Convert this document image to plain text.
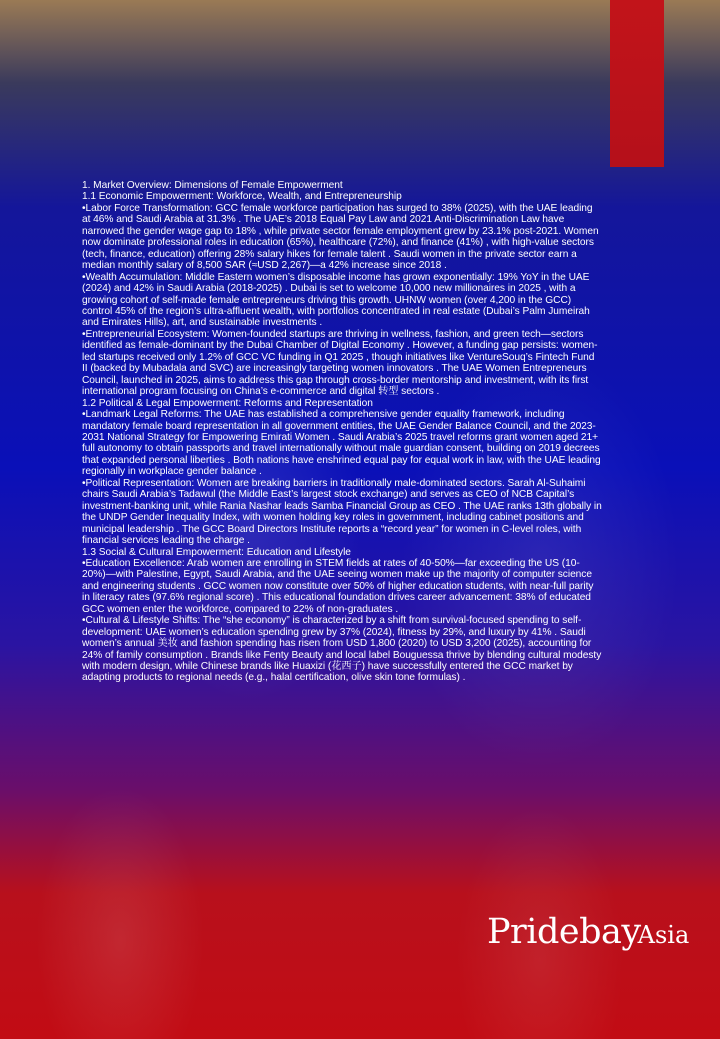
1. Market Overview: Dimensions of Female Empowerment

1.1 Economic Empowerment: Workforce, Wealth, and Entrepreneurship

•Labor Force Transformation: GCC female workforce participation has surged to 38% (2025), with the UAE leading at 46% and Saudi Arabia at 31.3% . The UAE’s 2018 Equal Pay Law and 2021 Anti-Discrimination Law have narrowed the gender wage gap to 18% , while private sector female employment grew by 23.1% post-2021. Women now dominate professional roles in education (65%), healthcare (72%), and finance (41%) , with high-value sectors (tech, finance, education) offering 28% salary hikes for female talent . Saudi women in the private sector earn a median monthly salary of 8,500 SAR (≈USD 2,267)—a 42% increase since 2018 .

•Wealth Accumulation: Middle Eastern women’s disposable income has grown exponentially: 19% YoY in the UAE (2024) and 42% in Saudi Arabia (2018-2025) . Dubai is set to welcome 10,000 new millionaires in 2025 , with a growing cohort of self-made female entrepreneurs driving this growth. UHNW women (over 4,200 in the GCC) control 45% of the region’s ultra-affluent wealth, with portfolios concentrated in real estate (Dubai’s Palm Jumeirah and Emirates Hills), art, and sustainable investments .

•Entrepreneurial Ecosystem: Women-founded startups are thriving in wellness, fashion, and green tech—sectors identified as female-dominant by the Dubai Chamber of Digital Economy . However, a funding gap persists: women-led startups received only 1.2% of GCC VC funding in Q1 2025 , though initiatives like VentureSouq’s Fintech Fund II (backed by Mubadala and SVC) are increasingly targeting women innovators . The UAE Women Entrepreneurs Council, launched in 2025, aims to address this gap through cross-border mentorship and investment, with its first international program focusing on China’s e-commerce and digital 转型 sectors .

1.2 Political & Legal Empowerment: Reforms and Representation

•Landmark Legal Reforms: The UAE has established a comprehensive gender equality framework, including mandatory female board representation in all government entities, the UAE Gender Balance Council, and the 2023-2031 National Strategy for Empowering Emirati Women . Saudi Arabia’s 2025 travel reforms grant women aged 21+ full autonomy to obtain passports and travel internationally without male guardian consent, building on 2019 decrees that expanded personal liberties . Both nations have enshrined equal pay for equal work in law, with the UAE leading regionally in workplace gender balance .

•Political Representation: Women are breaking barriers in traditionally male-dominated sectors. Sarah Al-Suhaimi chairs Saudi Arabia’s Tadawul (the Middle East’s largest stock exchange) and serves as CEO of NCB Capital’s investment-banking unit, while Rania Nashar leads Samba Financial Group as CEO . The UAE ranks 13th globally in the UNDP Gender Inequality Index, with women holding key roles in government, including cabinet positions and municipal leadership . The GCC Board Directors Institute reports a “record year” for women in C-level roles, with financial services leading the charge .

1.3 Social & Cultural Empowerment: Education and Lifestyle

•Education Excellence: Arab women are enrolling in STEM fields at rates of 40-50%—far exceeding the US (10-20%)—with Palestine, Egypt, Saudi Arabia, and the UAE seeing women make up the majority of computer science and engineering students . GCC women now constitute over 50% of higher education students, with near-full parity in literacy rates (97.6% regional score) . This educational foundation drives career advancement: 38% of educated GCC women enter the workforce, compared to 22% of non-graduates .

•Cultural & Lifestyle Shifts: The “she economy” is characterized by a shift from survival-focused spending to self-development: UAE women’s education spending grew by 37% (2024), fitness by 29%, and luxury by 41% . Saudi women’s annual 美妆 and fashion spending has risen from USD 1,800 (2020) to USD 3,200 (2025), accounting for 24% of family consumption . Brands like Fenty Beauty and local label Bouguessa thrive by blending cultural modesty with modern design, while Chinese brands like Huaxizi (花西子) have successfully entered the GCC market by adapting products to regional needs (e.g., halal certification, olive skin tone formulas) .

PridebayAsia
